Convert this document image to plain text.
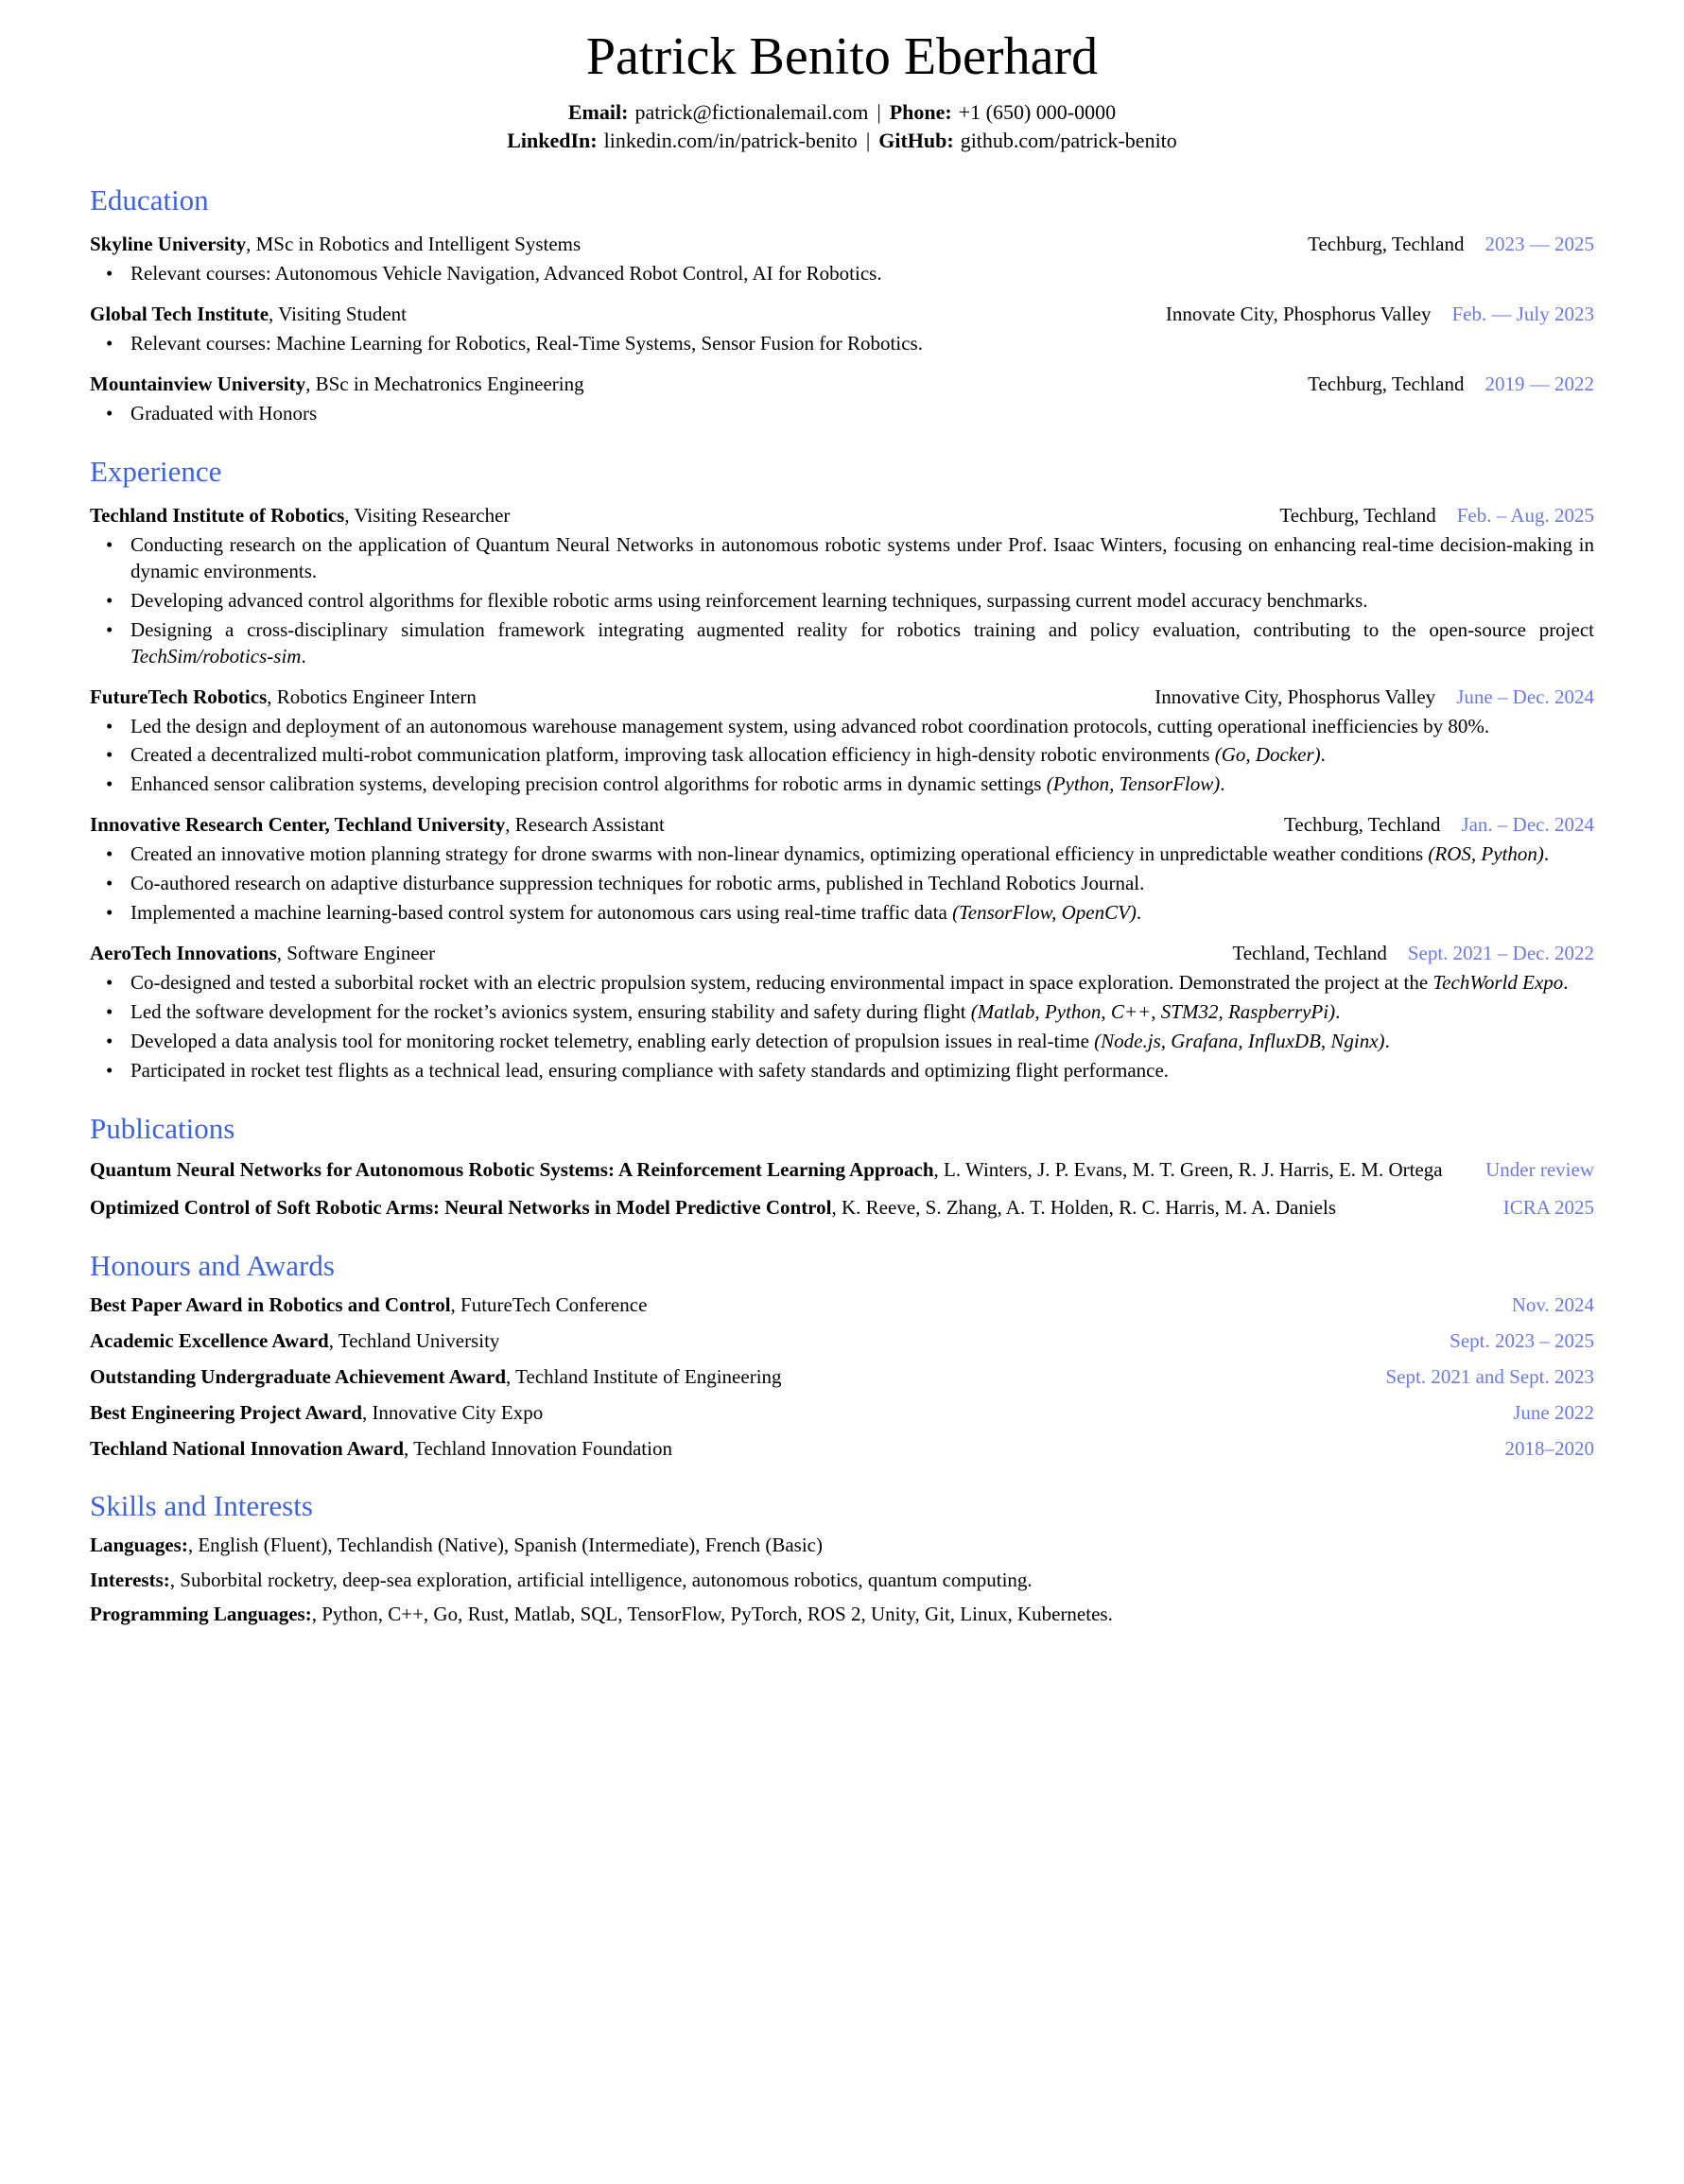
Patrick Benito Eberhard
Email: patrick@fictionalemail.com | Phone: +1 (650) 000-0000
LinkedIn: linkedin.com/in/patrick-benito | GitHub: github.com/patrick-benito
Education
Skyline University, MSc in Robotics and Intelligent Systems	Techburg, Techland 2023 — 2025
• Relevant courses: Autonomous Vehicle Navigation, Advanced Robot Control, AI for Robotics.
Global Tech Institute, Visiting Student	Innovate City, Phosphorus Valley Feb. — July 2023
• Relevant courses: Machine Learning for Robotics, Real-Time Systems, Sensor Fusion for Robotics.
Mountainview University, BSc in Mechatronics Engineering	Techburg, Techland 2019 — 2022
• Graduated with Honors
Experience
Techland Institute of Robotics, Visiting Researcher	Techburg, Techland Feb. – Aug. 2025
• Conducting research on the application of Quantum Neural Networks in autonomous robotic systems under Prof. Isaac Winters, focusing on enhancing real-time decision-making in dynamic environments.
• Developing advanced control algorithms for flexible robotic arms using reinforcement learning techniques, surpassing current model accuracy benchmarks.
• Designing a cross-disciplinary simulation framework integrating augmented reality for robotics training and policy evaluation, contributing to the open-source project TechSim/robotics-sim.
FutureTech Robotics, Robotics Engineer Intern	Innovative City, Phosphorus Valley June – Dec. 2024
• Led the design and deployment of an autonomous warehouse management system, using advanced robot coordination protocols, cutting operational inefficiencies by 80%.
• Created a decentralized multi-robot communication platform, improving task allocation efficiency in high-density robotic environments (Go, Docker).
• Enhanced sensor calibration systems, developing precision control algorithms for robotic arms in dynamic settings (Python, TensorFlow).
Innovative Research Center, Techland University, Research Assistant	Techburg, Techland Jan. – Dec. 2024
• Created an innovative motion planning strategy for drone swarms with non-linear dynamics, optimizing operational efficiency in unpredictable weather conditions (ROS, Python).
• Co-authored research on adaptive disturbance suppression techniques for robotic arms, published in Techland Robotics Journal.
• Implemented a machine learning-based control system for autonomous cars using real-time traffic data (TensorFlow, OpenCV).
AeroTech Innovations, Software Engineer	Techland, Techland Sept. 2021 – Dec. 2022
• Co-designed and tested a suborbital rocket with an electric propulsion system, reducing environmental impact in space exploration. Demonstrated the project at the TechWorld Expo.
• Led the software development for the rocket’s avionics system, ensuring stability and safety during flight (Matlab, Python, C++, STM32, RaspberryPi).
• Developed a data analysis tool for monitoring rocket telemetry, enabling early detection of propulsion issues in real-time (Node.js, Grafana, InfluxDB, Nginx).
• Participated in rocket test flights as a technical lead, ensuring compliance with safety standards and optimizing flight performance.
Publications
Quantum Neural Networks for Autonomous Robotic Systems: A Reinforcement Learning Approach, L. Winters, J. P. Evans, M. T. Green, R. J. Harris, E. M. Ortega Under review
Optimized Control of Soft Robotic Arms: Neural Networks in Model Predictive Control, K. Reeve, S. Zhang, A. T. Holden, R. C. Harris, M. A. Daniels	ICRA 2025
Honours and Awards
Best Paper Award in Robotics and Control, FutureTech Conference	Nov. 2024
Academic Excellence Award, Techland University	Sept. 2023 – 2025
Outstanding Undergraduate Achievement Award, Techland Institute of Engineering	Sept. 2021 and Sept. 2023
Best Engineering Project Award, Innovative City Expo	June 2022
Techland National Innovation Award, Techland Innovation Foundation	2018–2020
Skills and Interests
Languages:, English (Fluent), Techlandish (Native), Spanish (Intermediate), French (Basic)
Interests:, Suborbital rocketry, deep-sea exploration, artificial intelligence, autonomous robotics, quantum computing.
Programming Languages:, Python, C++, Go, Rust, Matlab, SQL, TensorFlow, PyTorch, ROS 2, Unity, Git, Linux, Kubernetes.
